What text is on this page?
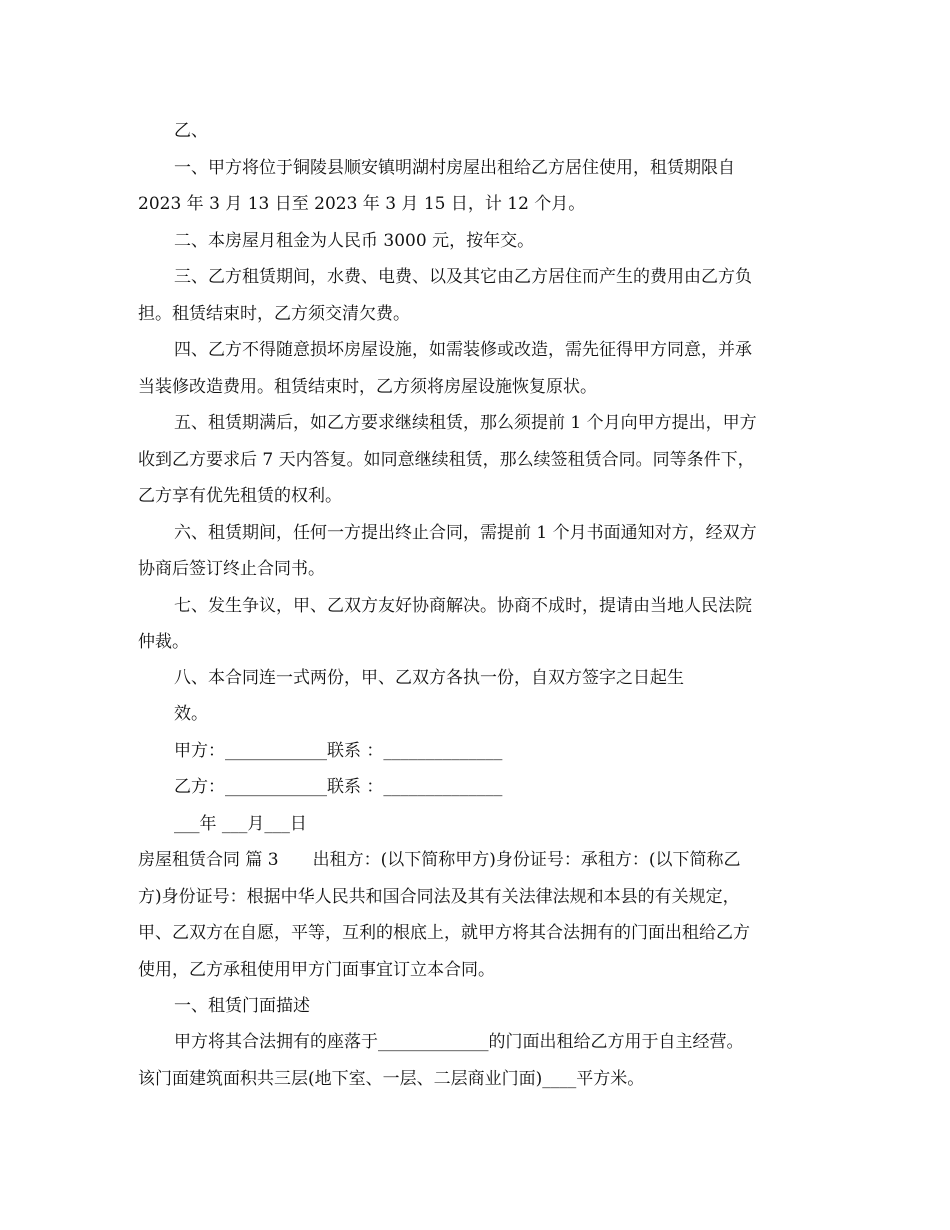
乙、
一、甲方将位于铜陵县顺安镇明湖村房屋出租给乙方居住使用，租赁期限自
2023 年 3 月 13 日至 2023 年 3 月 15 日，计 12 个月。
二、本房屋月租金为人民币 3000 元，按年交。
三、乙方租赁期间，水费、电费、以及其它由乙方居住而产生的费用由乙方负
担。租赁结束时，乙方须交清欠费。
四、乙方不得随意损坏房屋设施，如需装修或改造，需先征得甲方同意，并承
当装修改造费用。租赁结束时，乙方须将房屋设施恢复原状。
五、租赁期满后，如乙方要求继续租赁，那么须提前 1 个月向甲方提出，甲方
收到乙方要求后 7 天内答复。如同意继续租赁，那么续签租赁合同。同等条件下，
乙方享有优先租赁的权利。
六、租赁期间，任何一方提出终止合同，需提前 1 个月书面通知对方，经双方
协商后签订终止合同书。
七、发生争议，甲、乙双方友好协商解决。协商不成时，提请由当地人民法院
仲裁。
八、本合同连一式两份，甲、乙双方各执一份，自双方签字之日起生
效。
甲方：____________联系 ：______________
乙方：____________联系 ：______________
___年 ___月___日
房屋租赁合同 篇 3 出租方：(以下简称甲方)身份证号：承租方：(以下简称乙
方)身份证号：根据中华人民共和国合同法及其有关法律法规和本县的有关规定，
甲、乙双方在自愿，平等，互利的根底上，就甲方将其合法拥有的门面出租给乙方
使用，乙方承租使用甲方门面事宜订立本合同。
一、租赁门面描述
甲方将其合法拥有的座落于_____________的门面出租给乙方用于自主经营。
该门面建筑面积共三层(地下室、一层、二层商业门面)____平方米。
